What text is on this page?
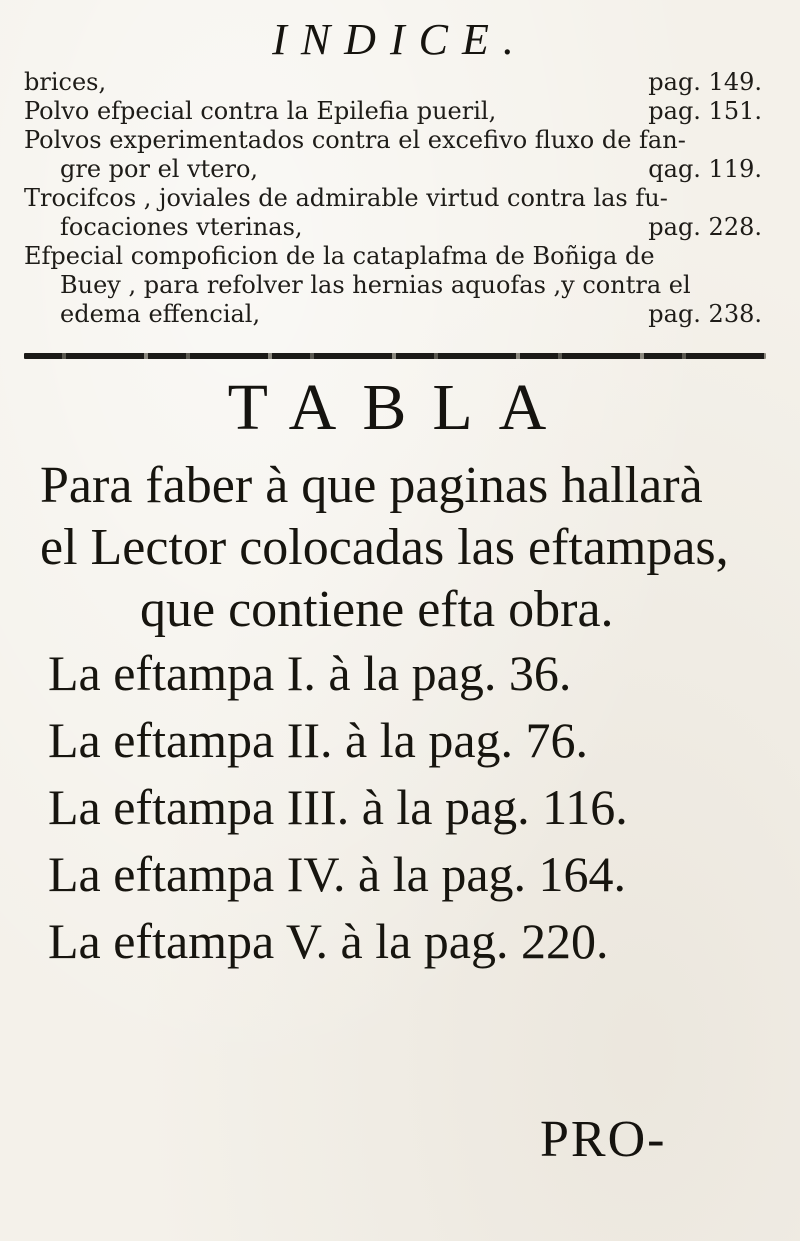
INDICE.
brices,	pag. 149.
Polvo efpecial contra la Epilefia pueril,	pag. 151.
Polvos experimentados contra el excefivo fluxo de fan-
gre por el vtero,	qag. 119.
Trocifcos , joviales de admirable virtud contra las fu-
focaciones vterinas,	pag. 228.
Efpecial compoficion de la cataplafma de Boñiga de
Buey , para refolver las hernias aquofas ,y contra el
edema effencial,	pag. 238.
TABLA
Para faber à que paginas hallarà
el Lector colocadas las eftampas,
que contiene efta obra.
La eftampa I. à la pag. 36.
La eftampa II. à la pag. 76.
La eftampa III. à la pag. 116.
La eftampa IV. à la pag. 164.
La eftampa V. à la pag. 220.
PRO-
